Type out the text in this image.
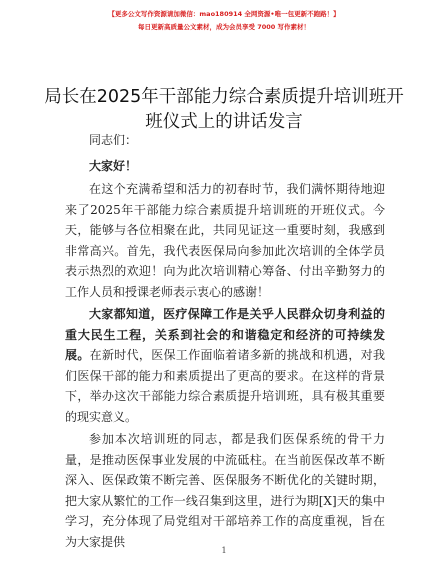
【更多公文写作资源请加微信：mao180914 全网资源•唯一包更新不跑路！】
每日更新高质量公文素材，成为会员享受 7000 写作素材！
局长在2025年干部能力综合素质提升培训班开班仪式上的讲话发言

同志们：

大家好！

在这个充满希望和活力的初春时节，我们满怀期待地迎来了2025年干部能力综合素质提升培训班的开班仪式。今天，能够与各位相聚在此，共同见证这一重要时刻，我感到非常高兴。首先，我代表医保局向参加此次培训的全体学员表示热烈的欢迎！向为此次培训精心筹备、付出辛勤努力的工作人员和授课老师表示衷心的感谢！

大家都知道，医疗保障工作是关乎人民群众切身利益的重大民生工程，关系到社会的和谐稳定和经济的可持续发展。在新时代，医保工作面临着诸多新的挑战和机遇，对我们医保干部的能力和素质提出了更高的要求。在这样的背景下，举办这次干部能力综合素质提升培训班，具有极其重要的现实意义。

参加本次培训班的同志，都是我们医保系统的骨干力量，是推动医保事业发展的中流砥柱。在当前医保改革不断深入、医保政策不断完善、医保服务不断优化的关键时期，把大家从繁忙的工作一线召集到这里，进行为期[X]天的集中学习，充分体现了局党组对干部培养工作的高度重视，旨在为大家提供

1
